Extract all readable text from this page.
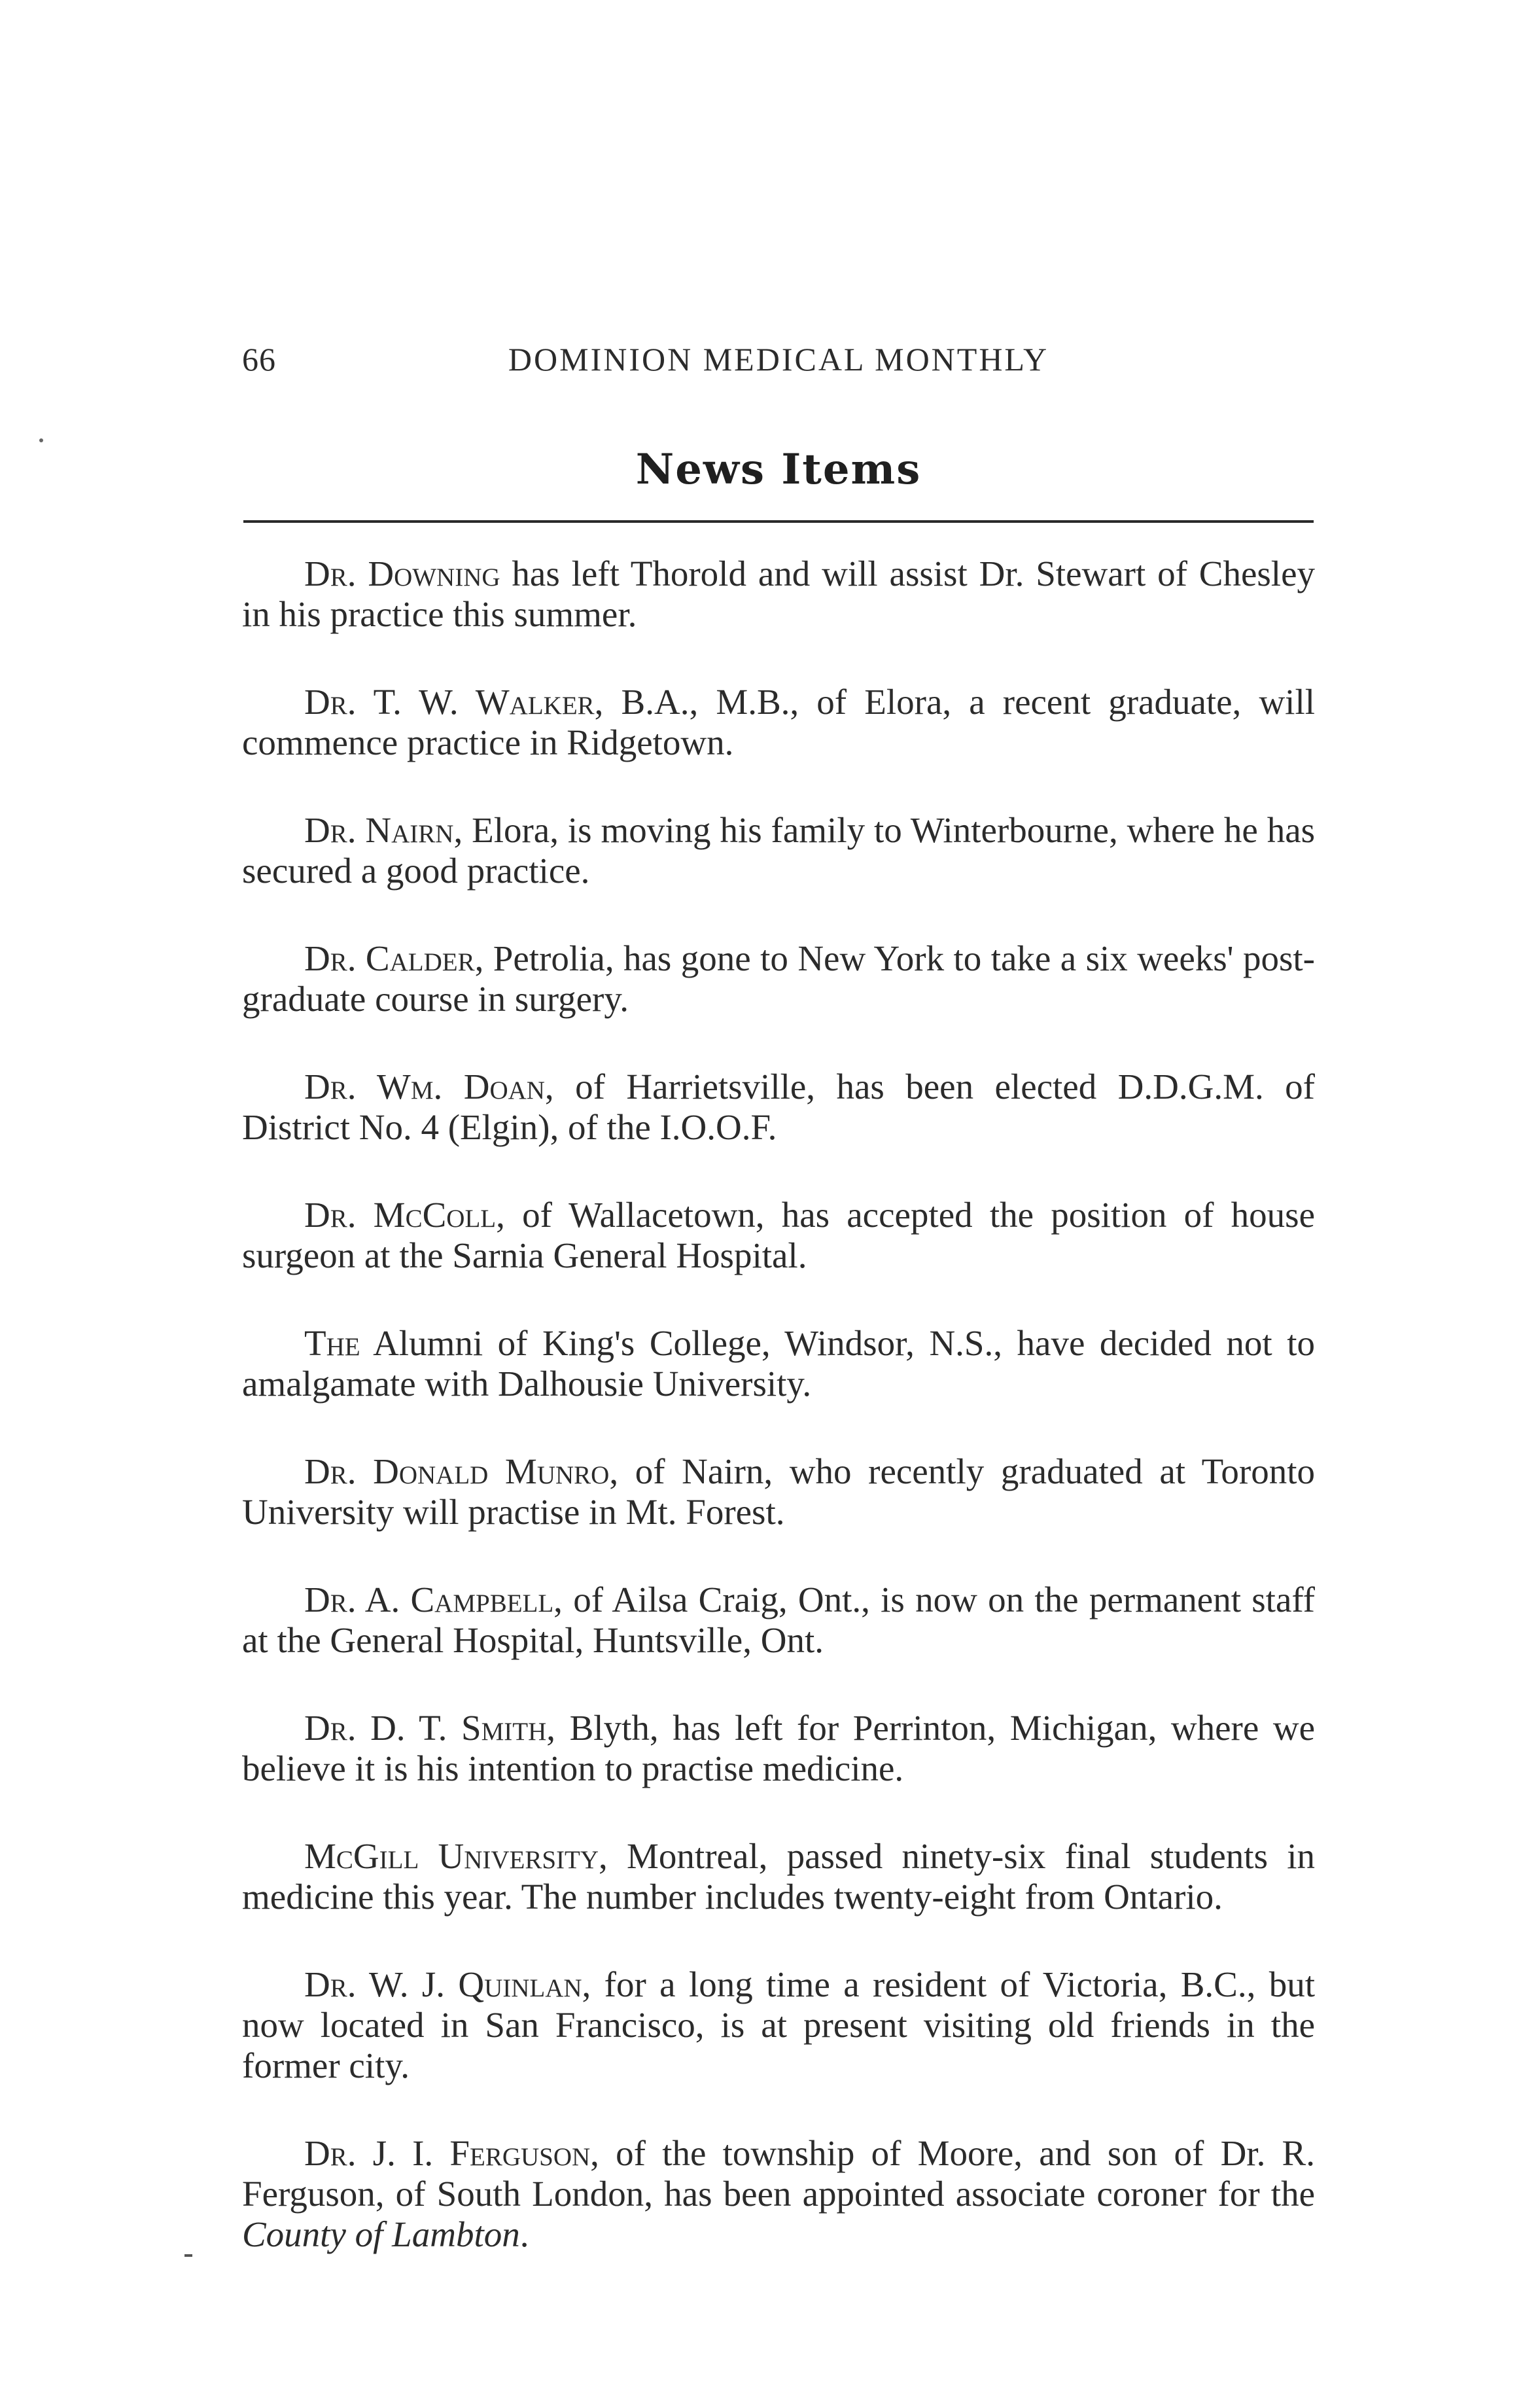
66	DOMINION MEDICAL MONTHLY
News Items

Dr. Downing has left Thorold and will assist Dr. Stewart of Chesley in his practice this summer.

Dr. T. W. Walker, B.A., M.B., of Elora, a recent graduate, will commence practice in Ridgetown.

Dr. Nairn, Elora, is moving his family to Winterbourne, where he has secured a good practice.

Dr. Calder, Petrolia, has gone to New York to take a six weeks' post-graduate course in surgery.

Dr. Wm. Doan, of Harrietsville, has been elected D.D.G.M. of District No. 4 (Elgin), of the I.O.O.F.

Dr. McColl, of Wallacetown, has accepted the position of house surgeon at the Sarnia General Hospital.

The Alumni of King's College, Windsor, N.S., have decided not to amalgamate with Dalhousie University.

Dr. Donald Munro, of Nairn, who recently graduated at Toronto University will practise in Mt. Forest.

Dr. A. Campbell, of Ailsa Craig, Ont., is now on the permanent staff at the General Hospital, Huntsville, Ont.

Dr. D. T. Smith, Blyth, has left for Perrinton, Michigan, where we believe it is his intention to practise medicine.

McGill University, Montreal, passed ninety-six final students in medicine this year. The number includes twenty-eight from Ontario.

Dr. W. J. Quinlan, for a long time a resident of Victoria, B.C., but now located in San Francisco, is at present visiting old friends in the former city.

Dr. J. I. Ferguson, of the township of Moore, and son of Dr. R. Ferguson, of South London, has been appointed associate coroner for the County of Lambton.
